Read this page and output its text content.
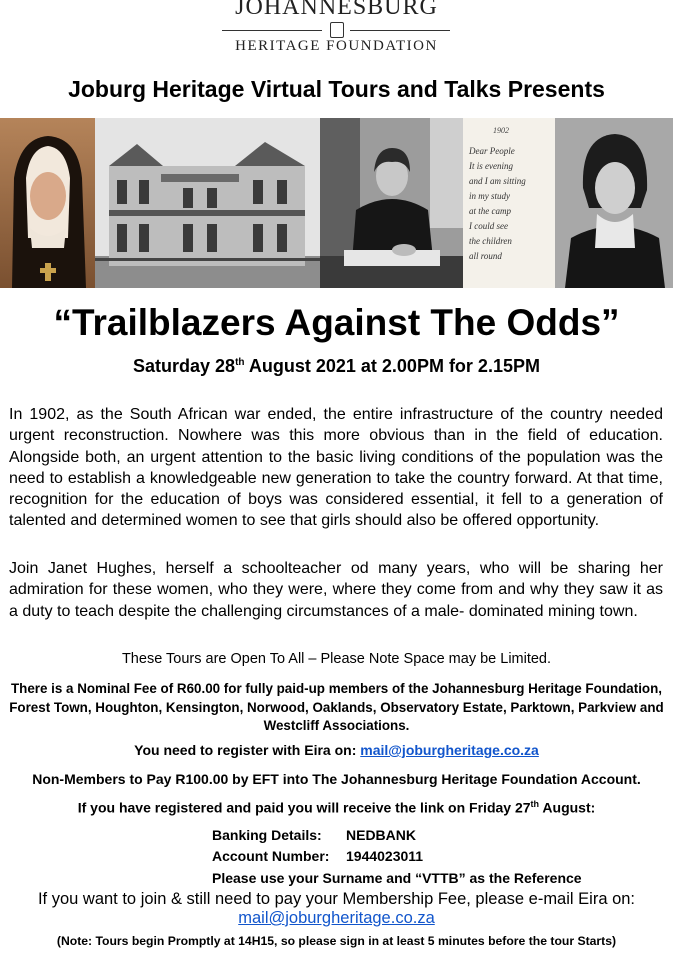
JOHANNESBURG
HERITAGE FOUNDATION
Joburg Heritage Virtual Tours and Talks Presents
1902
Dear People
It is evening
and I am sitting
in my study
at the camp
I could see
the children
all round
“Trailblazers Against The Odds”
Saturday 28th August 2021 at 2.00PM for 2.15PM
In 1902, as the South African war ended, the entire infrastructure of the country needed urgent reconstruction. Nowhere was this more obvious than in the field of education. Alongside both, an urgent attention to the basic living conditions of the population was the need to establish a knowledgeable new generation to take the country forward. At that time, recognition for the education of boys was considered essential, it fell to a generation of talented and determined women to see that girls should also be offered opportunity.
Join Janet Hughes, herself a schoolteacher od many years, who will be sharing her admiration for these women, who they were, where they come from and why they saw it as a duty to teach despite the challenging circumstances of a male- dominated mining town.
These Tours are Open To All – Please Note Space may be Limited.
There is a Nominal Fee of R60.00 for fully paid-up members of the Johannesburg Heritage Foundation, Forest Town, Houghton, Kensington, Norwood, Oaklands, Observatory Estate, Parktown, Parkview and Westcliff Associations.
You need to register with Eira on: mail@joburgheritage.co.za
Non-Members to Pay R100.00 by EFT into The Johannesburg Heritage Foundation Account.
If you have registered and paid you will receive the link on Friday 27th August:
Banking Details: NEDBANK
Account Number: 1944023011
Please use your Surname and “VTTB” as the Reference
If you want to join & still need to pay your Membership Fee, please e-mail Eira on:
mail@joburgheritage.co.za
(Note: Tours begin Promptly at 14H15, so please sign in at least 5 minutes before the tour Starts)
